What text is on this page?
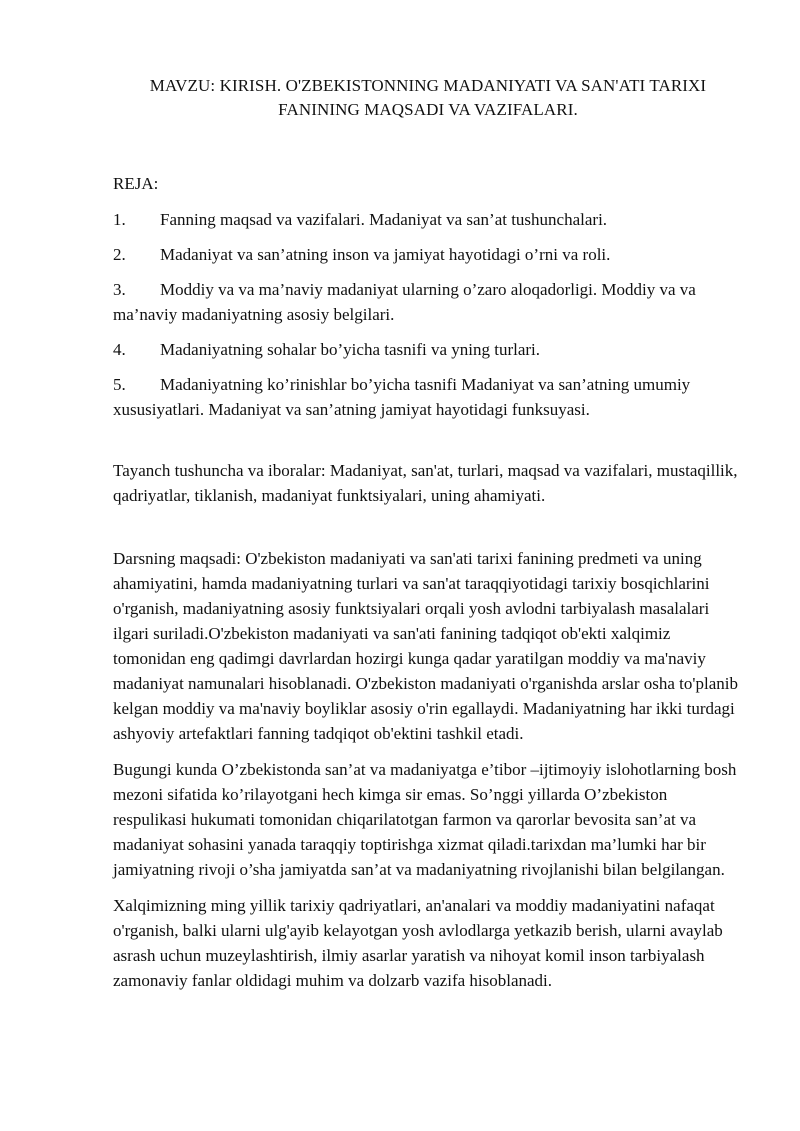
MAVZU: KIRISH. O'ZBEKISTONNING MADANIYATI VA SAN'ATI TARIXI
FANINING MAQSADI VA VAZIFALARI.
REJA:
1. Fanning maqsad va vazifalari. Madaniyat va san’at tushunchalari.
2. Madaniyat va san’atning inson va jamiyat hayotidagi o’rni va roli.
3. Moddiy va va ma’naviy madaniyat ularning o’zaro aloqadorligi. Moddiy va va ma’naviy madaniyatning asosiy belgilari.
4. Madaniyatning sohalar bo’yicha tasnifi va yning turlari.
5. Madaniyatning ko’rinishlar bo’yicha tasnifi Madaniyat va san’atning umumiy xususiyatlari. Madaniyat va san’atning jamiyat hayotidagi funksuyasi.

Tayanch tushuncha va iboralar: Madaniyat, san'at, turlari, maqsad va vazifalari, mustaqillik, qadriyatlar, tiklanish, madaniyat funktsiyalari, uning ahamiyati.

Darsning maqsadi: O'zbekiston madaniyati va san'ati tarixi fanining predmeti va uning ahamiyatini, hamda madaniyatning turlari va san'at taraqqiyotidagi tarixiy bosqichlarini o'rganish, madaniyatning asosiy funktsiyalari orqali yosh avlodni tarbiyalash masalalari ilgari suriladi.O'zbekiston madaniyati va san'ati fanining tadqiqot ob'ekti xalqimiz tomonidan eng qadimgi davrlardan hozirgi kunga qadar yaratilgan moddiy va ma'naviy madaniyat namunalari hisoblanadi. O'zbekiston madaniyati o'rganishda arslar osha to'planib kelgan moddiy va ma'naviy boyliklar asosiy o'rin egallaydi. Madaniyatning har ikki turdagi ashyoviy artefaktlari fanning tadqiqot ob'ektini tashkil etadi.

Bugungi kunda O’zbekistonda san’at va madaniyatga e’tibor –ijtimoyiy islohotlarning bosh mezoni sifatida ko’rilayotgani hech kimga sir emas. So’nggi yillarda O’zbekiston respulikasi hukumati tomonidan chiqarilatotgan farmon va qarorlar bevosita san’at va madaniyat sohasini yanada taraqqiy toptirishga xizmat qiladi.tarixdan ma’lumki har bir jamiyatning rivoji o’sha jamiyatda san’at va madaniyatning rivojlanishi bilan belgilangan.

Xalqimizning ming yillik tarixiy qadriyatlari, an'analari va moddiy madaniyatini nafaqat o'rganish, balki ularni ulg'ayib kelayotgan yosh avlodlarga yetkazib berish, ularni avaylab asrash uchun muzeylashtirish, ilmiy asarlar yaratish va nihoyat komil inson tarbiyalash zamonaviy fanlar oldidagi muhim va dolzarb vazifa hisoblanadi.
